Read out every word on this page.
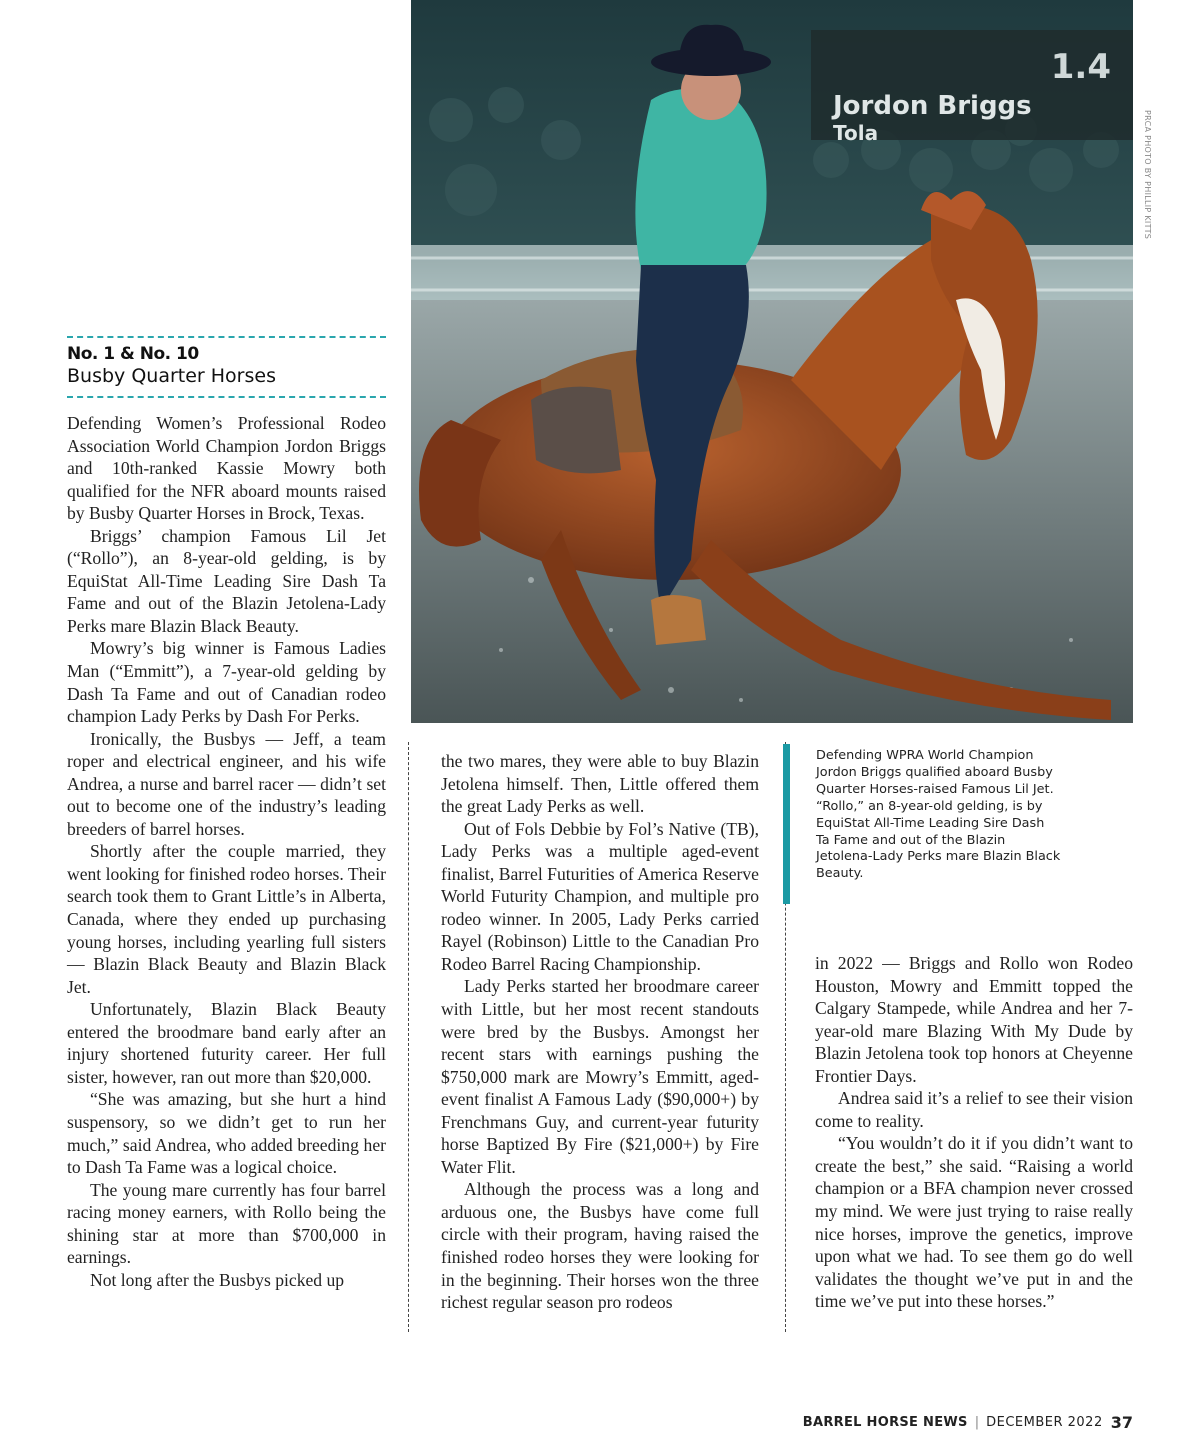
1.4
Jordon Briggs
Tola	PRCA PHOTO BY PHILLIP KITTS
No. 1 & No. 10
Busby Quarter Horses

Defending Women’s Professional Rodeo Association World Champion Jordon Briggs and 10th-ranked Kassie Mowry both qualified for the NFR aboard mounts raised by Busby Quarter Horses in Brock, Texas.

Briggs’ champion Famous Lil Jet (“Rollo”), an 8-year-old gelding, is by EquiStat All-Time Leading Sire Dash Ta Fame and out of the Blazin Jetolena-Lady Perks mare Blazin Black Beauty.

Mowry’s big winner is Famous Ladies Man (“Emmitt”), a 7-year-old gelding by Dash Ta Fame and out of Canadian rodeo champion Lady Perks by Dash For Perks.

Ironically, the Busbys — Jeff, a team roper and electrical engineer, and his wife Andrea, a nurse and barrel racer — didn’t set out to become one of the industry’s leading breeders of barrel horses.

Shortly after the couple married, they went looking for finished rodeo horses. Their search took them to Grant Little’s in Alberta, Canada, where they ended up purchasing young horses, including yearling full sisters — Blazin Black Beauty and Blazin Black Jet.

Unfortunately, Blazin Black Beauty entered the broodmare band early after an injury shortened futurity career. Her full sister, however, ran out more than $20,000.

“She was amazing, but she hurt a hind suspensory, so we didn’t get to run her much,” said Andrea, who added breeding her to Dash Ta Fame was a logical choice.

The young mare currently has four barrel racing money earners, with Rollo being the shining star at more than $700,000 in earnings.

Not long after the Busbys picked up

the two mares, they were able to buy Blazin Jetolena himself. Then, Little offered them the great Lady Perks as well.

Out of Fols Debbie by Fol’s Native (TB), Lady Perks was a multiple aged-event finalist, Barrel Futurities of America Reserve World Futurity Champion, and multiple pro rodeo winner. In 2005, Lady Perks carried Rayel (Robinson) Little to the Canadian Pro Rodeo Barrel Racing Championship.

Lady Perks started her broodmare career with Little, but her most recent standouts were bred by the Busbys. Amongst her recent stars with earnings pushing the $750,000 mark are Mowry’s Emmitt, aged-event finalist A Famous Lady ($90,000+) by Frenchmans Guy, and current-year futurity horse Baptized By Fire ($21,000+) by Fire Water Flit.

Although the process was a long and arduous one, the Busbys have come full circle with their program, having raised the finished rodeo horses they were looking for in the beginning. Their horses won the three richest regular season pro rodeos

Defending WPRA World Champion Jordon Briggs qualified aboard Busby Quarter Horses-raised Famous Lil Jet. “Rollo,” an 8-year-old gelding, is by EquiStat All-Time Leading Sire Dash Ta Fame and out of the Blazin Jetolena-Lady Perks mare Blazin Black Beauty.

in 2022 — Briggs and Rollo won Rodeo Houston, Mowry and Emmitt topped the Calgary Stampede, while Andrea and her 7-year-old mare Blazing With My Dude by Blazin Jetolena took top honors at Cheyenne Frontier Days.

Andrea said it’s a relief to see their vision come to reality.

“You wouldn’t do it if you didn’t want to create the best,” she said. “Raising a world champion or a BFA champion never crossed my mind. We were just trying to raise really nice horses, improve the genetics, improve upon what we had. To see them go do well validates the thought we’ve put in and the time we’ve put into these horses.”

BARREL HORSE NEWS | DECEMBER 2022 37
